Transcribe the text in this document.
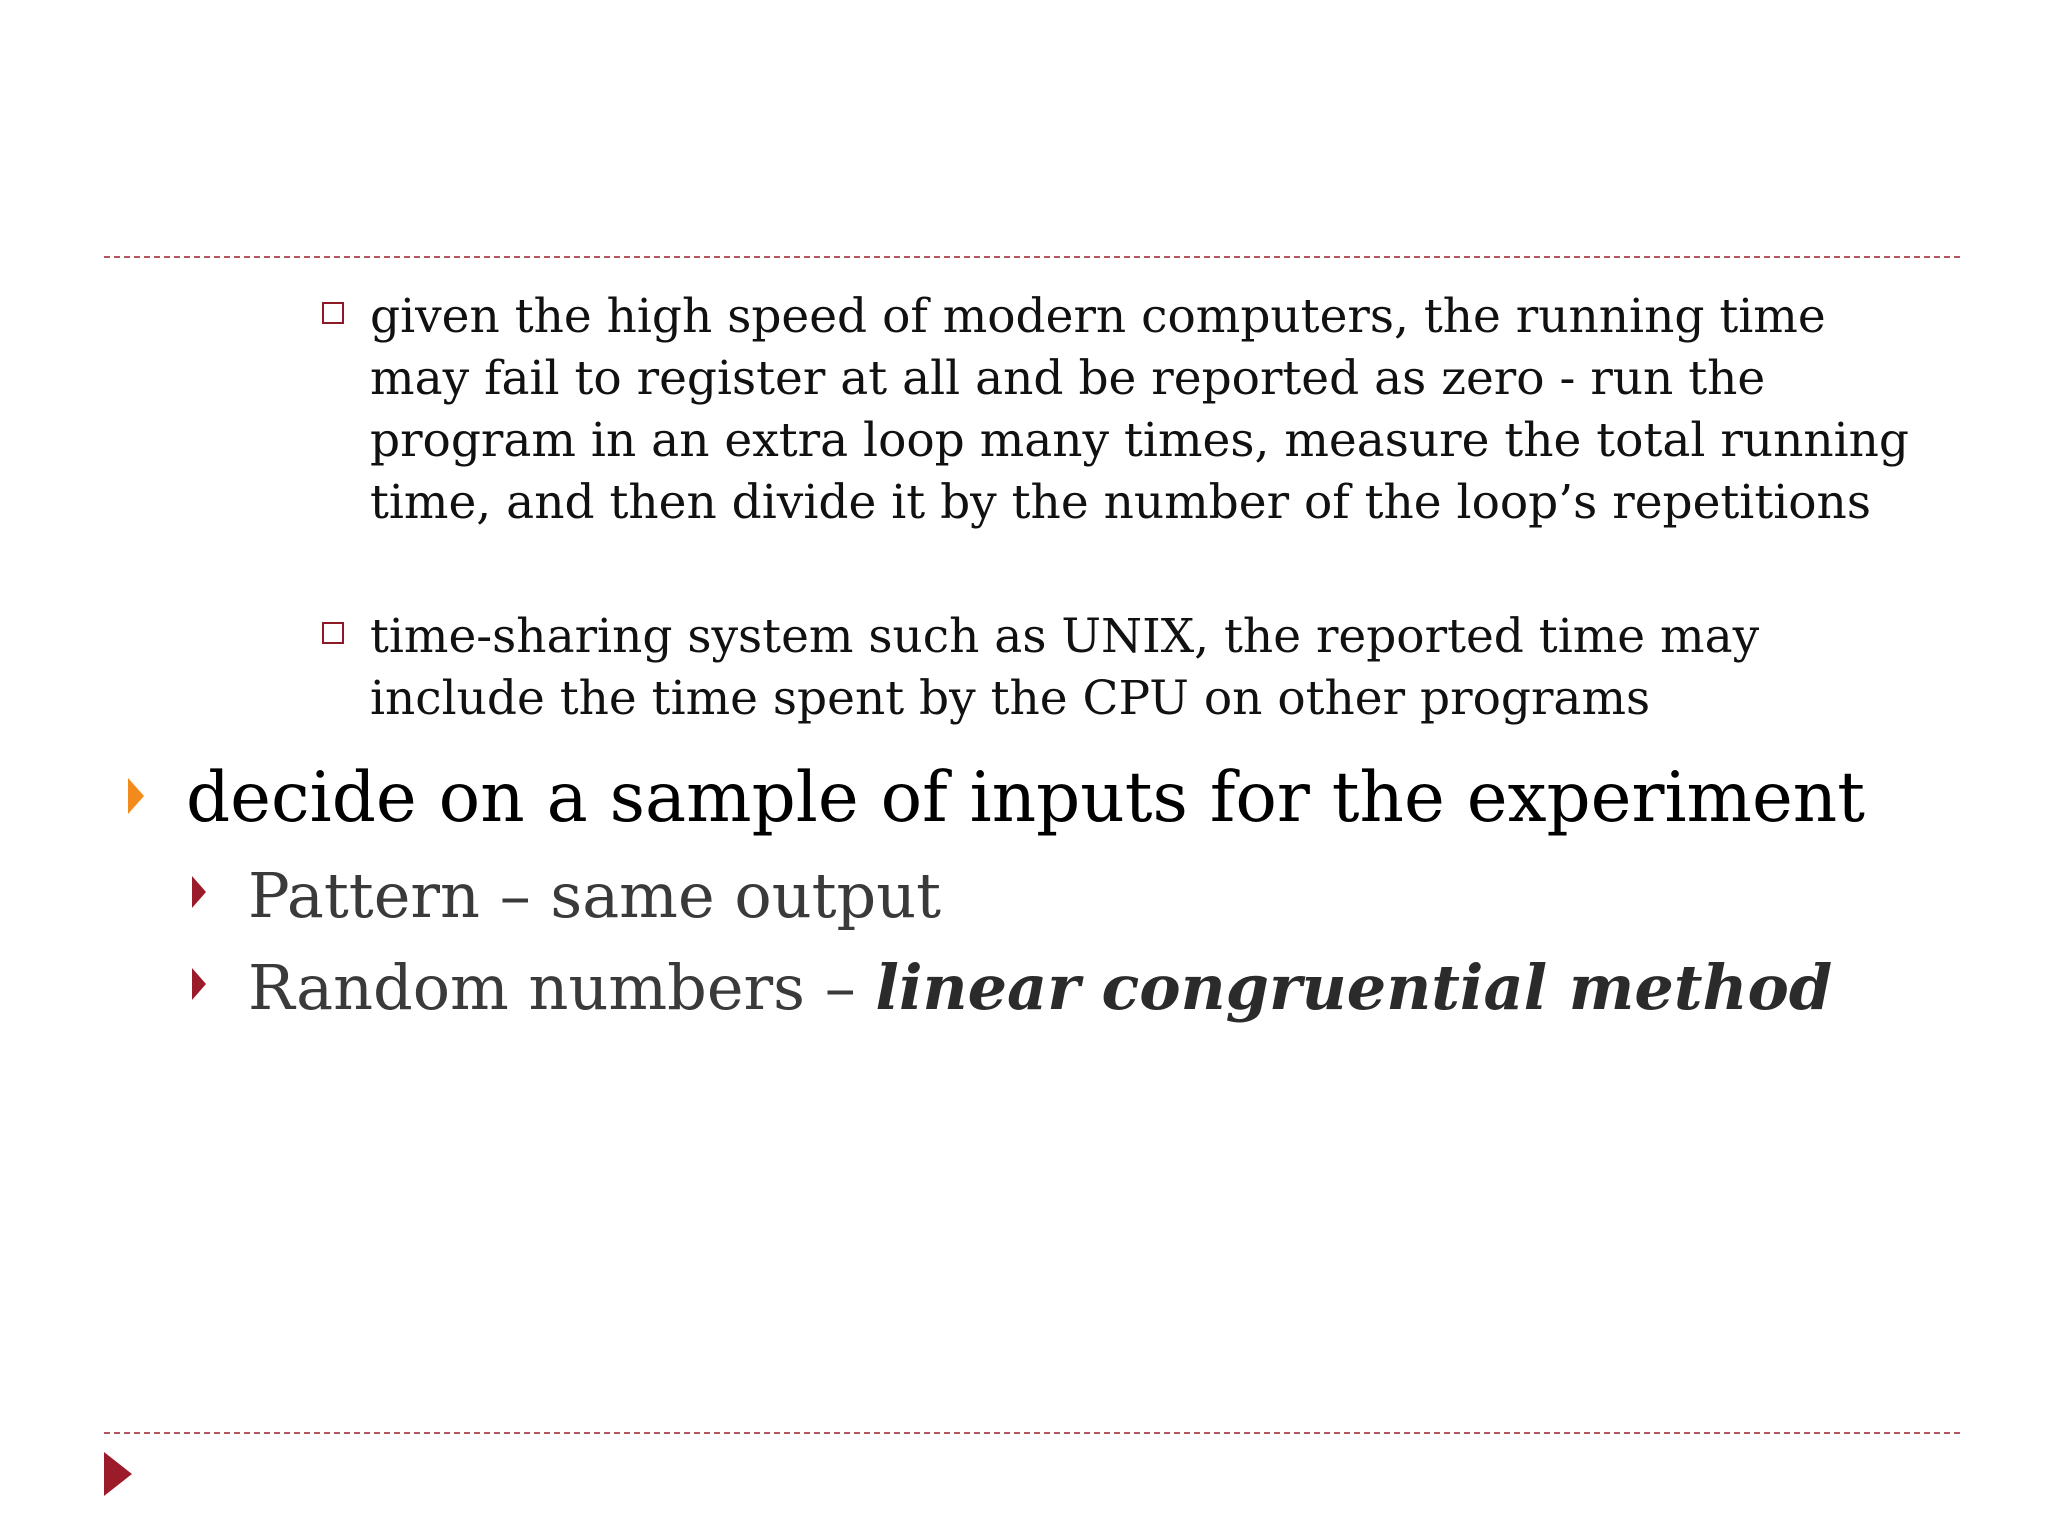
given the high speed of modern computers, the running time may fail to register at all and be reported as zero - run the program in an extra loop many times, measure the total running time, and then divide it by the number of the loop’s repetitions

time-sharing system such as UNIX, the reported time may include the time spent by the CPU on other programs

decide on a sample of inputs for the experiment

Pattern – same output

Random numbers – linear congruential method
